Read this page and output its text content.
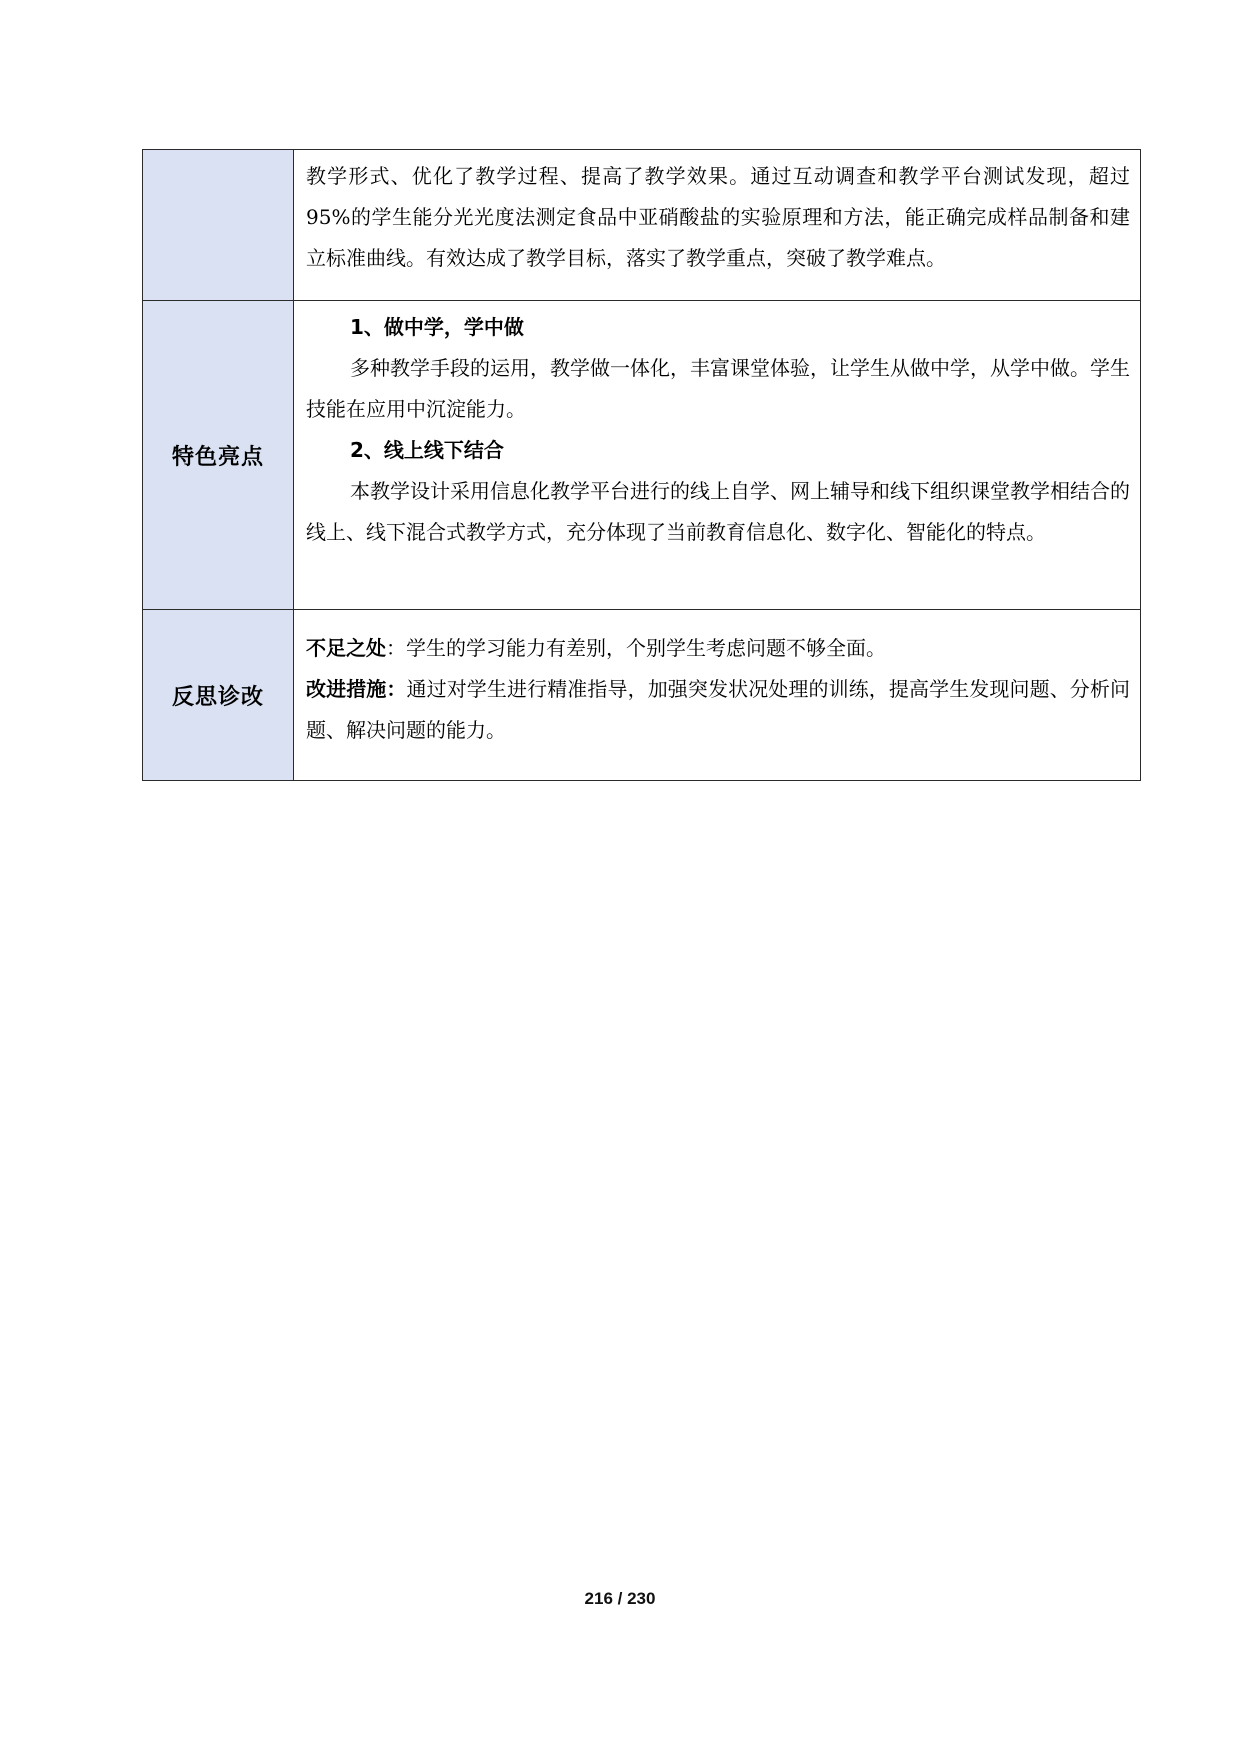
	教学形式、优化了教学过程、提高了教学效果。通过互动调查和教学平台测试发现，超过 95%的学生能分光光度法测定食品中亚硝酸盐的实验原理和方法，能正确完成样品制备和建立标准曲线。有效达成了教学目标，落实了教学重点，突破了教学难点。

特色亮点	1、做中学，学中做

多种教学手段的运用，教学做一体化，丰富课堂体验，让学生从做中学，从学中做。学生技能在应用中沉淀能力。

2、线上线下结合

本教学设计采用信息化教学平台进行的线上自学、网上辅导和线下组织课堂教学相结合的线上、线下混合式教学方式，充分体现了当前教育信息化、数字化、智能化的特点。

反思诊改	不足之处：学生的学习能力有差别，个别学生考虑问题不够全面。

改进措施：通过对学生进行精准指导，加强突发状况处理的训练，提高学生发现问题、分析问题、解决问题的能力。

216 / 230
